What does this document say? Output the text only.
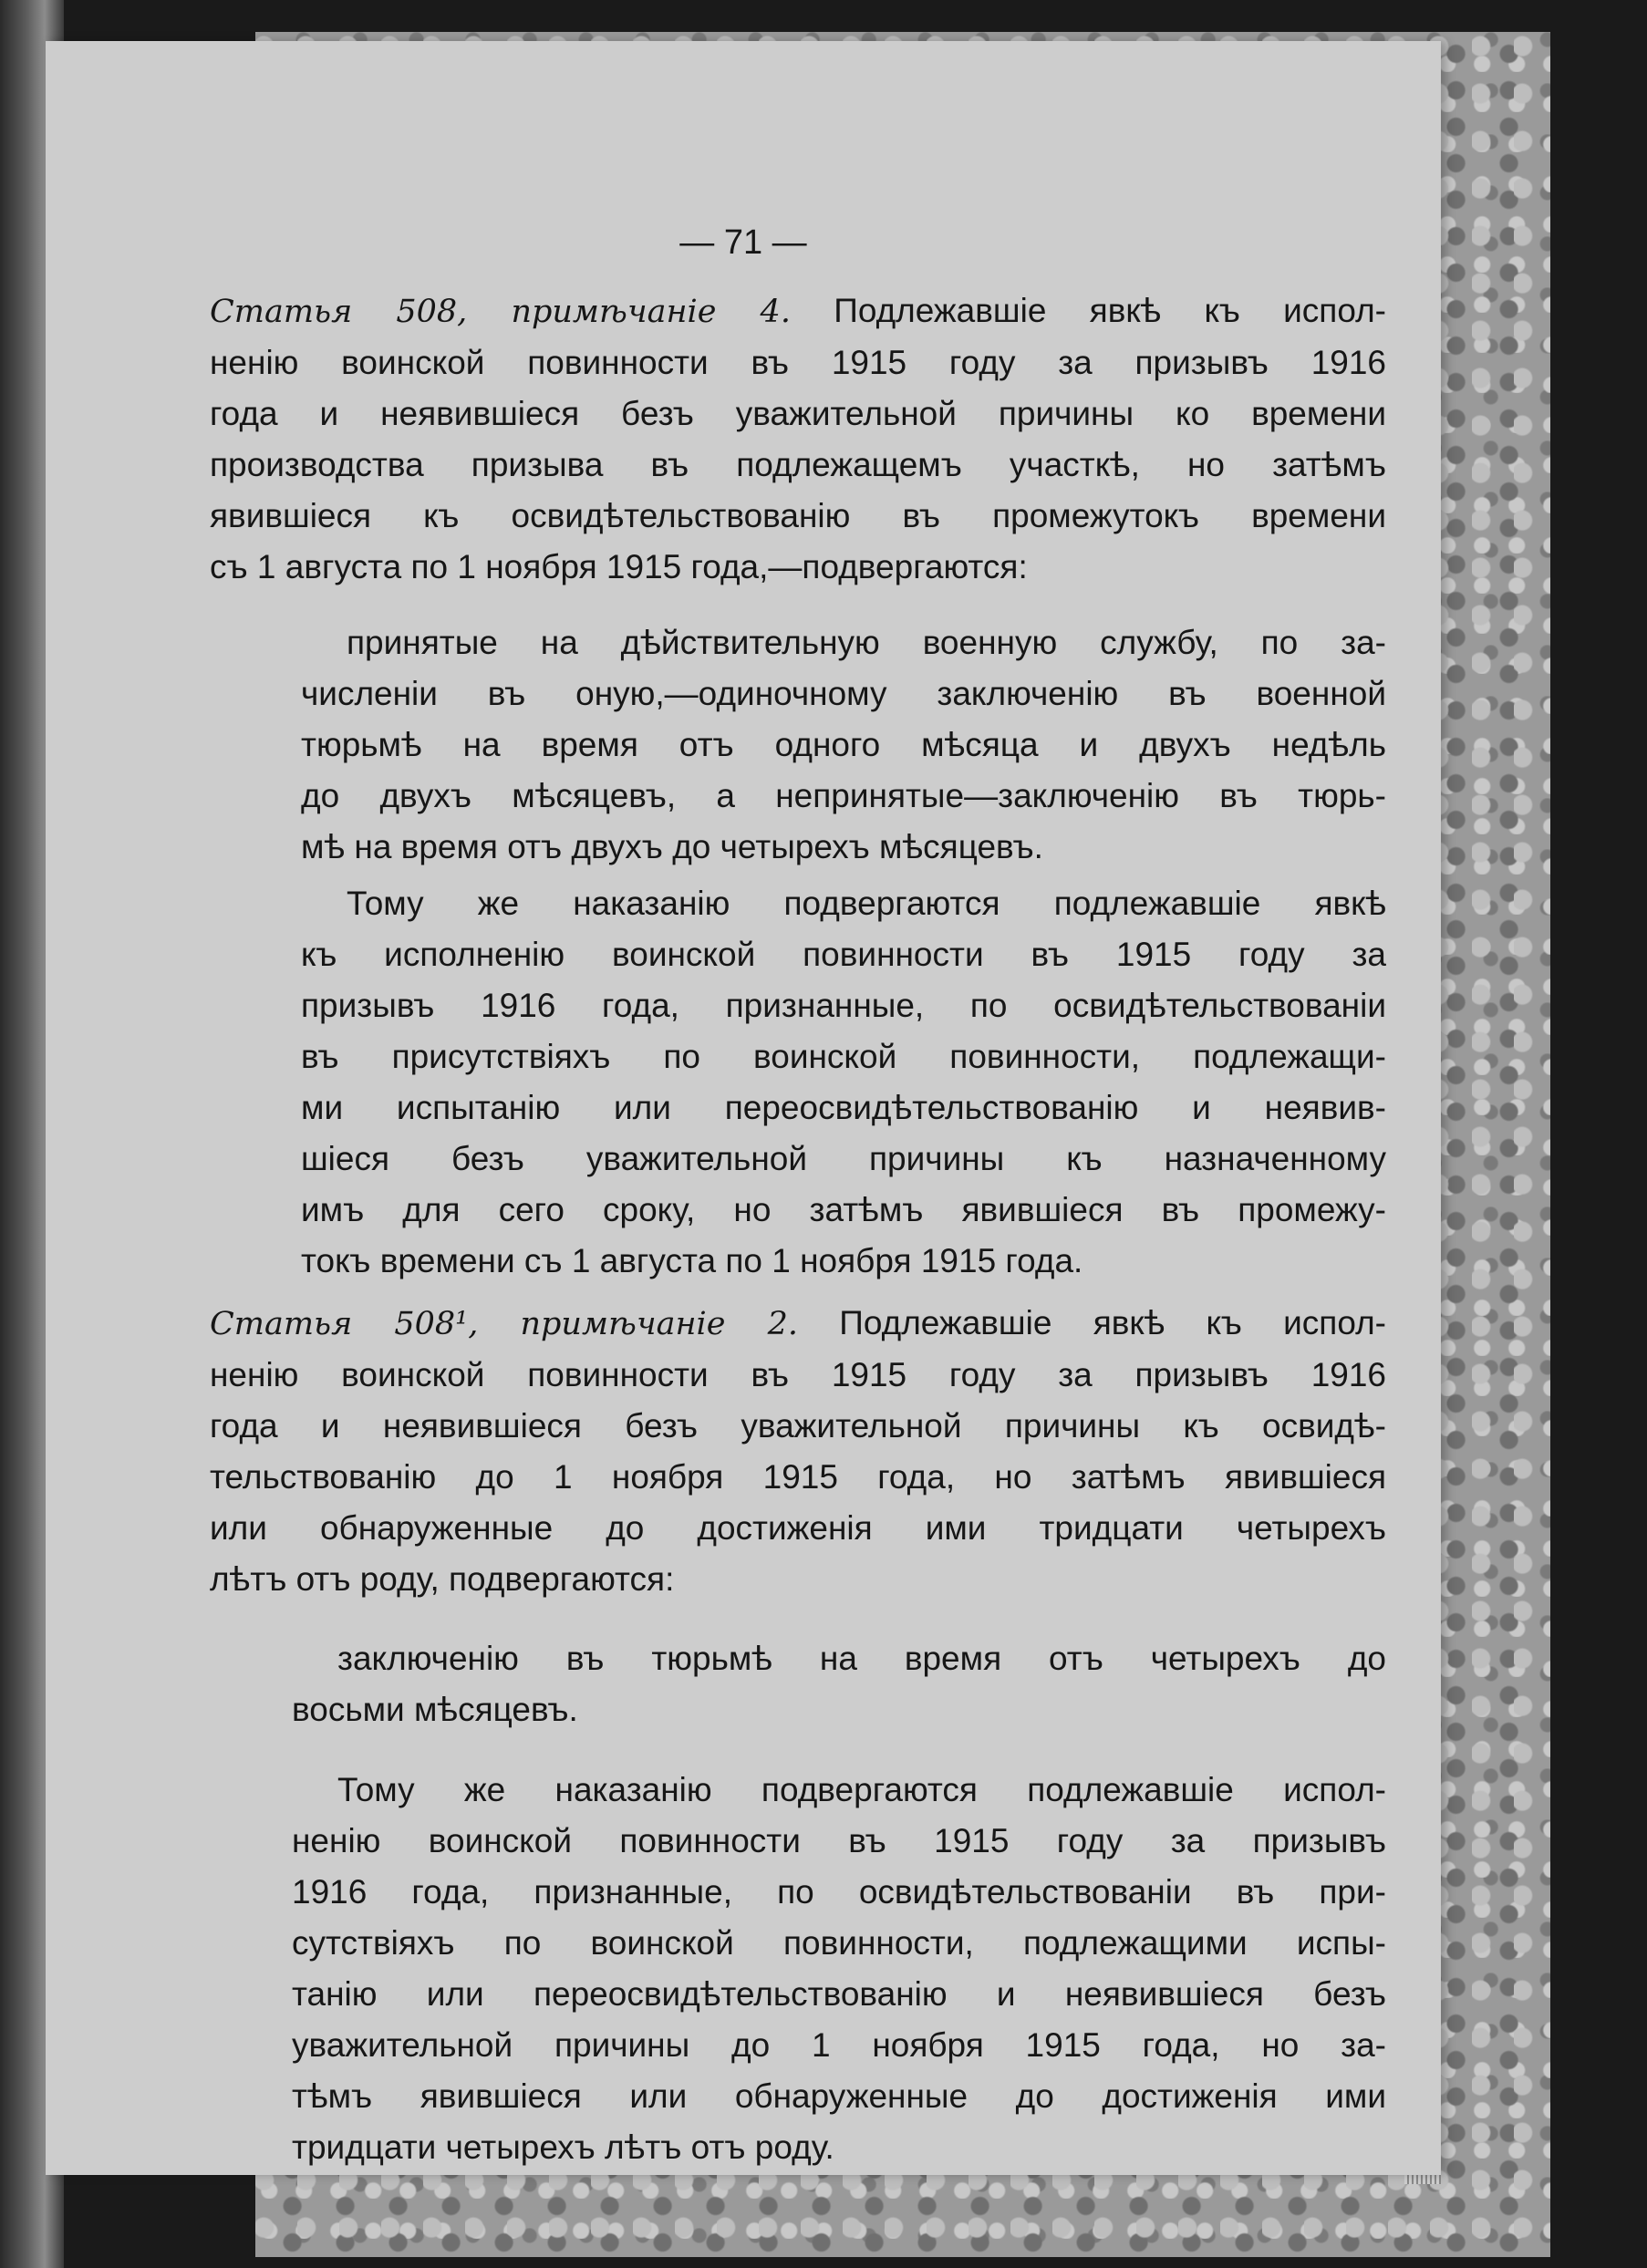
— 71 —
Статья 508, примѣчаніе 4. Подлежавшіе явкѣ къ испол-
ненію воинской повинности въ 1915 году за призывъ 1916
года и неявившіеся безъ уважительной причины ко времени
производства призыва въ подлежащемъ участкѣ, но затѣмъ
явившіеся къ освидѣтельствованію въ промежутокъ времени
съ 1 августа по 1 ноября 1915 года,—подвергаются:
принятые на дѣйствительную военную службу, по за-
численіи въ оную,—одиночному заключенію въ военной
тюрьмѣ на время отъ одного мѣсяца и двухъ недѣль
до двухъ мѣсяцевъ, а непринятые—заключенію въ тюрь-
мѣ на время отъ двухъ до четырехъ мѣсяцевъ.
Тому же наказанію подвергаются подлежавшіе явкѣ
къ исполненію воинской повинности въ 1915 году за
призывъ 1916 года, признанные, по освидѣтельствованіи
въ присутствіяхъ по воинской повинности, подлежащи-
ми испытанію или переосвидѣтельствованію и неявив-
шіеся безъ уважительной причины къ назначенному
имъ для сего сроку, но затѣмъ явившіеся въ промежу-
токъ времени съ 1 августа по 1 ноября 1915 года.
Статья 508¹, примѣчаніе 2. Подлежавшіе явкѣ къ испол-
ненію воинской повинности въ 1915 году за призывъ 1916
года и неявившіеся безъ уважительной причины къ освидѣ-
тельствованію до 1 ноября 1915 года, но затѣмъ явившіеся
или обнаруженные до достиженія ими тридцати четырехъ
лѣтъ отъ роду, подвергаются:
заключенію въ тюрьмѣ на время отъ четырехъ до
восьми мѣсяцевъ.
Тому же наказанію подвергаются подлежавшіе испол-
ненію воинской повинности въ 1915 году за призывъ
1916 года, признанные, по освидѣтельствованіи въ при-
сутствіяхъ по воинской повинности, подлежащими испы-
танію или переосвидѣтельствованію и неявившіеся безъ
уважительной причины до 1 ноября 1915 года, но за-
тѣмъ явившіеся или обнаруженные до достиженія ими
тридцати четырехъ лѣтъ отъ роду.
